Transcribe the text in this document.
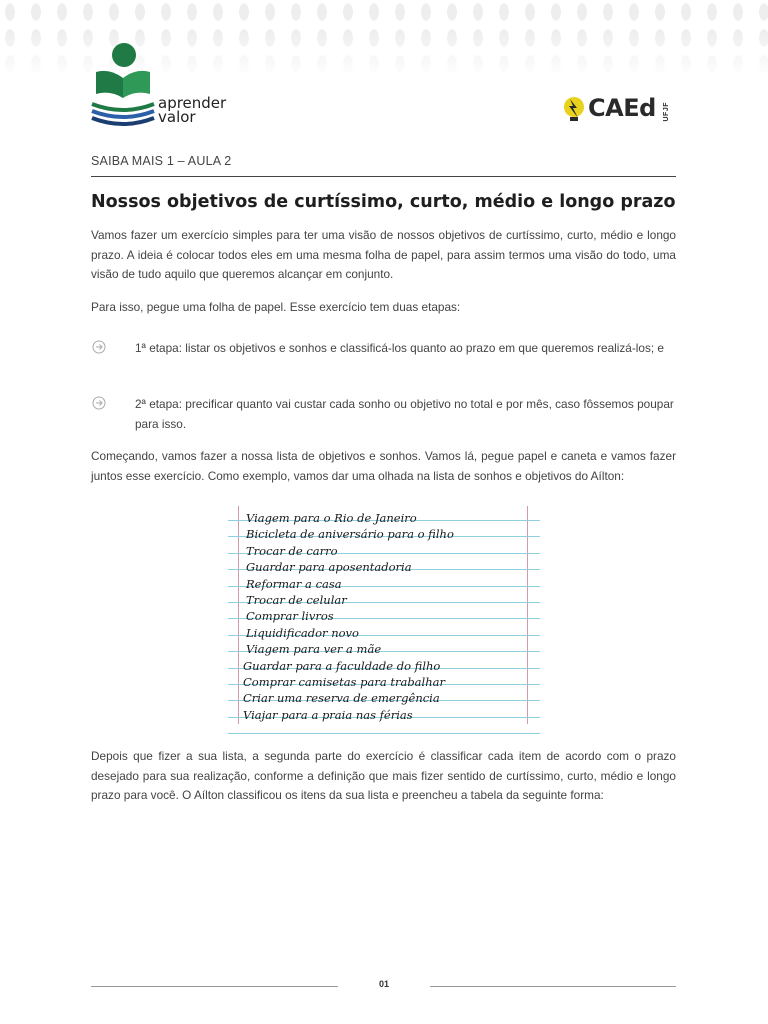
aprender
valor	CAEd UFJF
SAIBA MAIS 1 – AULA 2
Nossos objetivos de curtíssimo, curto, médio e longo prazo

Vamos fazer um exercício simples para ter uma visão de nossos objetivos de curtíssimo, curto, médio e longo prazo. A ideia é colocar todos eles em uma mesma folha de papel, para assim termos uma visão do todo, uma visão de tudo aquilo que queremos alcançar em conjunto.

Para isso, pegue uma folha de papel. Esse exercício tem duas etapas:

1ª etapa: listar os objetivos e sonhos e classificá-los quanto ao prazo em que queremos realizá-los; e

2ª etapa: precificar quanto vai custar cada sonho ou objetivo no total e por mês, caso fôssemos poupar para isso.

Começando, vamos fazer a nossa lista de objetivos e sonhos. Vamos lá, pegue papel e caneta e vamos fazer juntos esse exercício. Como exemplo, vamos dar uma olhada na lista de sonhos e objetivos do Aílton:

Viagem para o Rio de Janeiro
Bicicleta de aniversário para o filho
Trocar de carro
Guardar para aposentadoria
Reformar a casa
Trocar de celular
Comprar livros
Liquidificador novo
Viagem para ver a mãe
Guardar para a faculdade do filho
Comprar camisetas para trabalhar
Criar uma reserva de emergência
Viajar para a praia nas férias

Depois que fizer a sua lista, a segunda parte do exercício é classificar cada item de acordo com o prazo desejado para sua realização, conforme a definição que mais fizer sentido de curtíssimo, curto, médio e longo prazo para você. O Aílton classificou os itens da sua lista e preencheu a tabela da seguinte forma:

01
